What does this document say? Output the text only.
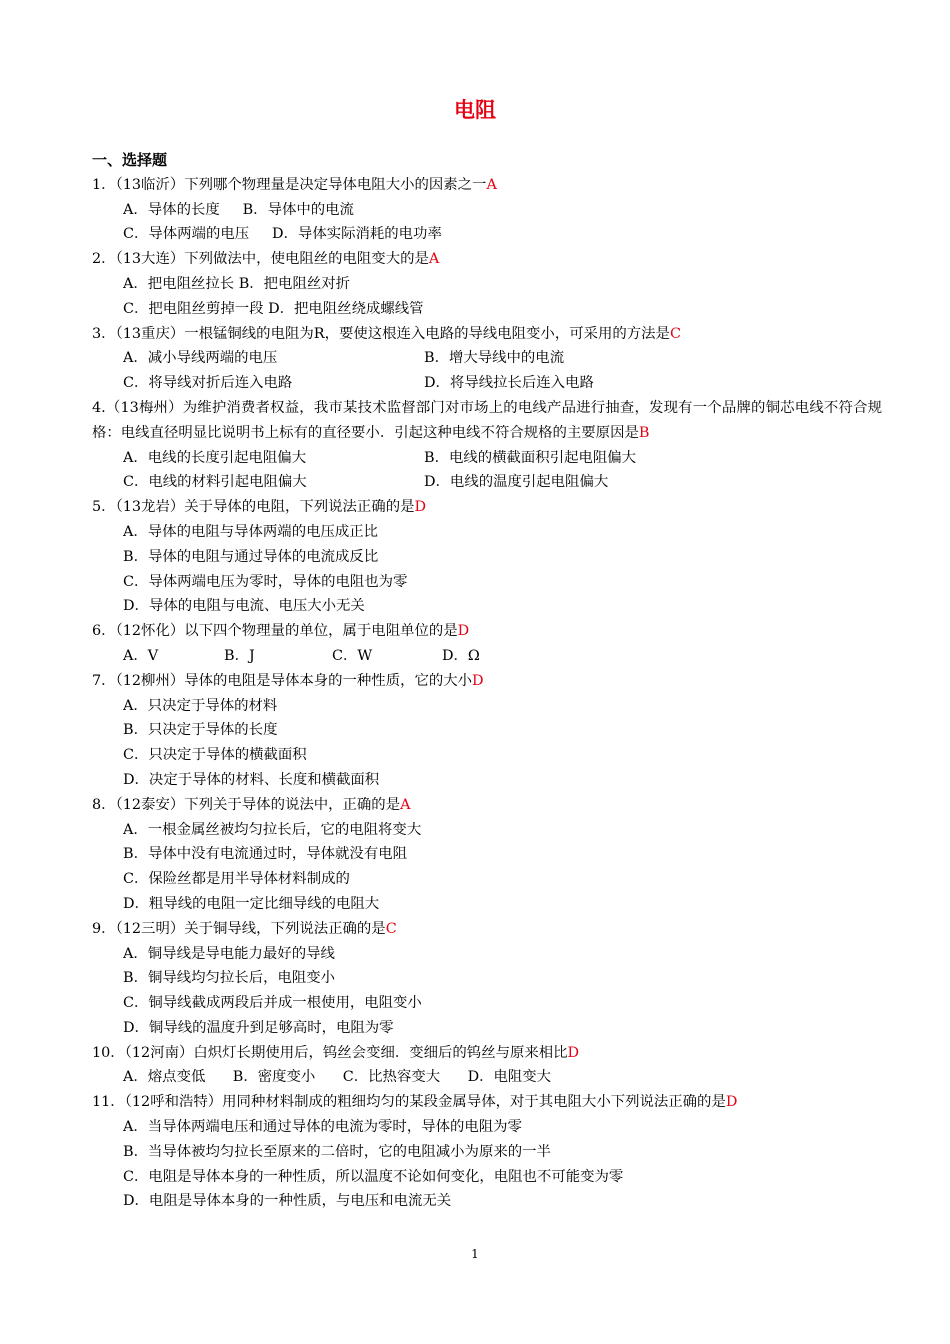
电阻
一、选择题
1．（13临沂）下列哪个物理量是决定导体电阻大小的因素之一A
A．导体的长度     B．导体中的电流
C．导体两端的电压     D．导体实际消耗的电功率
2．（13大连）下列做法中，使电阻丝的电阻变大的是A
A．把电阻丝拉长 B．把电阻丝对折
C．把电阻丝剪掉一段 D．把电阻丝绕成螺线管
3．（13重庆）一根锰铜线的电阻为R，要使这根连入电路的导线电阻变小，可采用的方法是C
A．减小导线两端的电压	B．增大导线中的电流
C．将导线对折后连入电路	D．将导线拉长后连入电路
4.（13梅州）为维护消费者权益，我市某技术监督部门对市场上的电线产品进行抽查，发现有一个品牌的铜芯电线不符合规格：电线直径明显比说明书上标有的直径要小．引起这种电线不符合规格的主要原因是B
A．电线的长度引起电阻偏大	B．电线的横截面积引起电阻偏大
C．电线的材料引起电阻偏大	D．电线的温度引起电阻偏大
5．（13龙岩）关于导体的电阻，下列说法正确的是D
A．导体的电阻与导体两端的电压成正比
B．导体的电阻与通过导体的电流成反比
C．导体两端电压为零时，导体的电阻也为零
D．导体的电阻与电流、电压大小无关
6．（12怀化）以下四个物理量的单位，属于电阻单位的是D
A．V	B．J	C．W	D．Ω
7．（12柳州）导体的电阻是导体本身的一种性质，它的大小D
A．只决定于导体的材料
B．只决定于导体的长度
C．只决定于导体的横截面积
D．决定于导体的材料、长度和横截面积
8．（12泰安）下列关于导体的说法中，正确的是A
A．一根金属丝被均匀拉长后，它的电阻将变大
B．导体中没有电流通过时，导体就没有电阻
C．保险丝都是用半导体材料制成的
D．粗导线的电阻一定比细导线的电阻大
9．（12三明）关于铜导线，下列说法正确的是C
A．铜导线是导电能力最好的导线
B．铜导线均匀拉长后，电阻变小
C．铜导线截成两段后并成一根使用，电阻变小
D．铜导线的温度升到足够高时，电阻为零
10．（12河南）白炽灯长期使用后，钨丝会变细．变细后的钨丝与原来相比D
A．熔点变低      B．密度变小      C．比热容变大      D．电阻变大
11．（12呼和浩特）用同种材料制成的粗细均匀的某段金属导体，对于其电阻大小下列说法正确的是D
A．当导体两端电压和通过导体的电流为零时，导体的电阻为零
B．当导体被均匀拉长至原来的二倍时，它的电阻减小为原来的一半
C．电阻是导体本身的一种性质，所以温度不论如何变化，电阻也不可能变为零
D．电阻是导体本身的一种性质，与电压和电流无关
1
